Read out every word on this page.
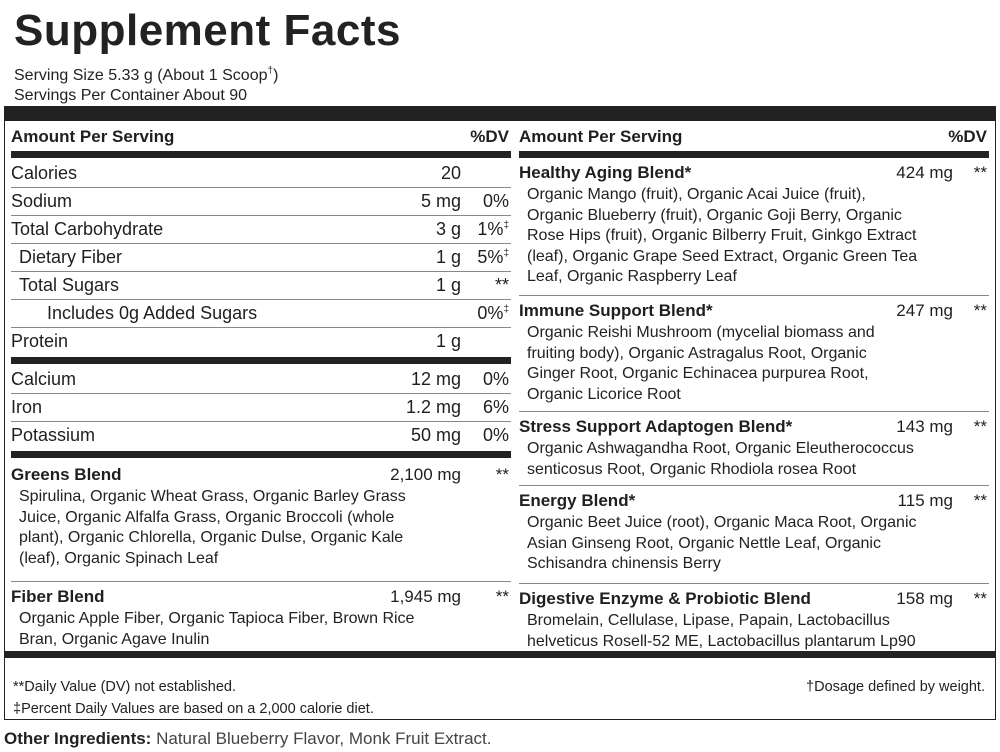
Supplement Facts
Serving Size 5.33 g (About 1 Scoop†)
Servings Per Container About 90
Amount Per Serving	%DV
Calories	20
Sodium	5 mg 0%
Total Carbohydrate	3 g 1%‡
Dietary Fiber	1 g 5%‡
Total Sugars	1 g **
Includes 0g Added Sugars	0%‡
Protein	1 g
Calcium	12 mg 0%
Iron	1.2 mg 6%
Potassium	50 mg 0%
Greens Blend	2,100 mg **
Spirulina, Organic Wheat Grass, Organic Barley Grass
Juice, Organic Alfalfa Grass, Organic Broccoli (whole
plant), Organic Chlorella, Organic Dulse, Organic Kale
(leaf), Organic Spinach Leaf
Fiber Blend	1,945 mg **
Organic Apple Fiber, Organic Tapioca Fiber, Brown Rice
Bran, Organic Agave Inulin
Amount Per Serving	%DV
Healthy Aging Blend*	424 mg **
Organic Mango (fruit), Organic Acai Juice (fruit),
Organic Blueberry (fruit), Organic Goji Berry, Organic
Rose Hips (fruit), Organic Bilberry Fruit, Ginkgo Extract
(leaf), Organic Grape Seed Extract, Organic Green Tea
Leaf, Organic Raspberry Leaf
Immune Support Blend*	247 mg **
Organic Reishi Mushroom (mycelial biomass and
fruiting body), Organic Astragalus Root, Organic
Ginger Root, Organic Echinacea purpurea Root,
Organic Licorice Root
Stress Support Adaptogen Blend*	143 mg **
Organic Ashwagandha Root, Organic Eleutherococcus
senticosus Root, Organic Rhodiola rosea Root
Energy Blend*	115 mg **
Organic Beet Juice (root), Organic Maca Root, Organic
Asian Ginseng Root, Organic Nettle Leaf, Organic
Schisandra chinensis Berry
Digestive Enzyme & Probiotic Blend	158 mg **
Bromelain, Cellulase, Lipase, Papain, Lactobacillus
helveticus Rosell-52 ME, Lactobacillus plantarum Lp90
**Daily Value (DV) not established.
‡Percent Daily Values are based on a 2,000 calorie diet.
†Dosage defined by weight.
Other Ingredients: Natural Blueberry Flavor, Monk Fruit Extract.
